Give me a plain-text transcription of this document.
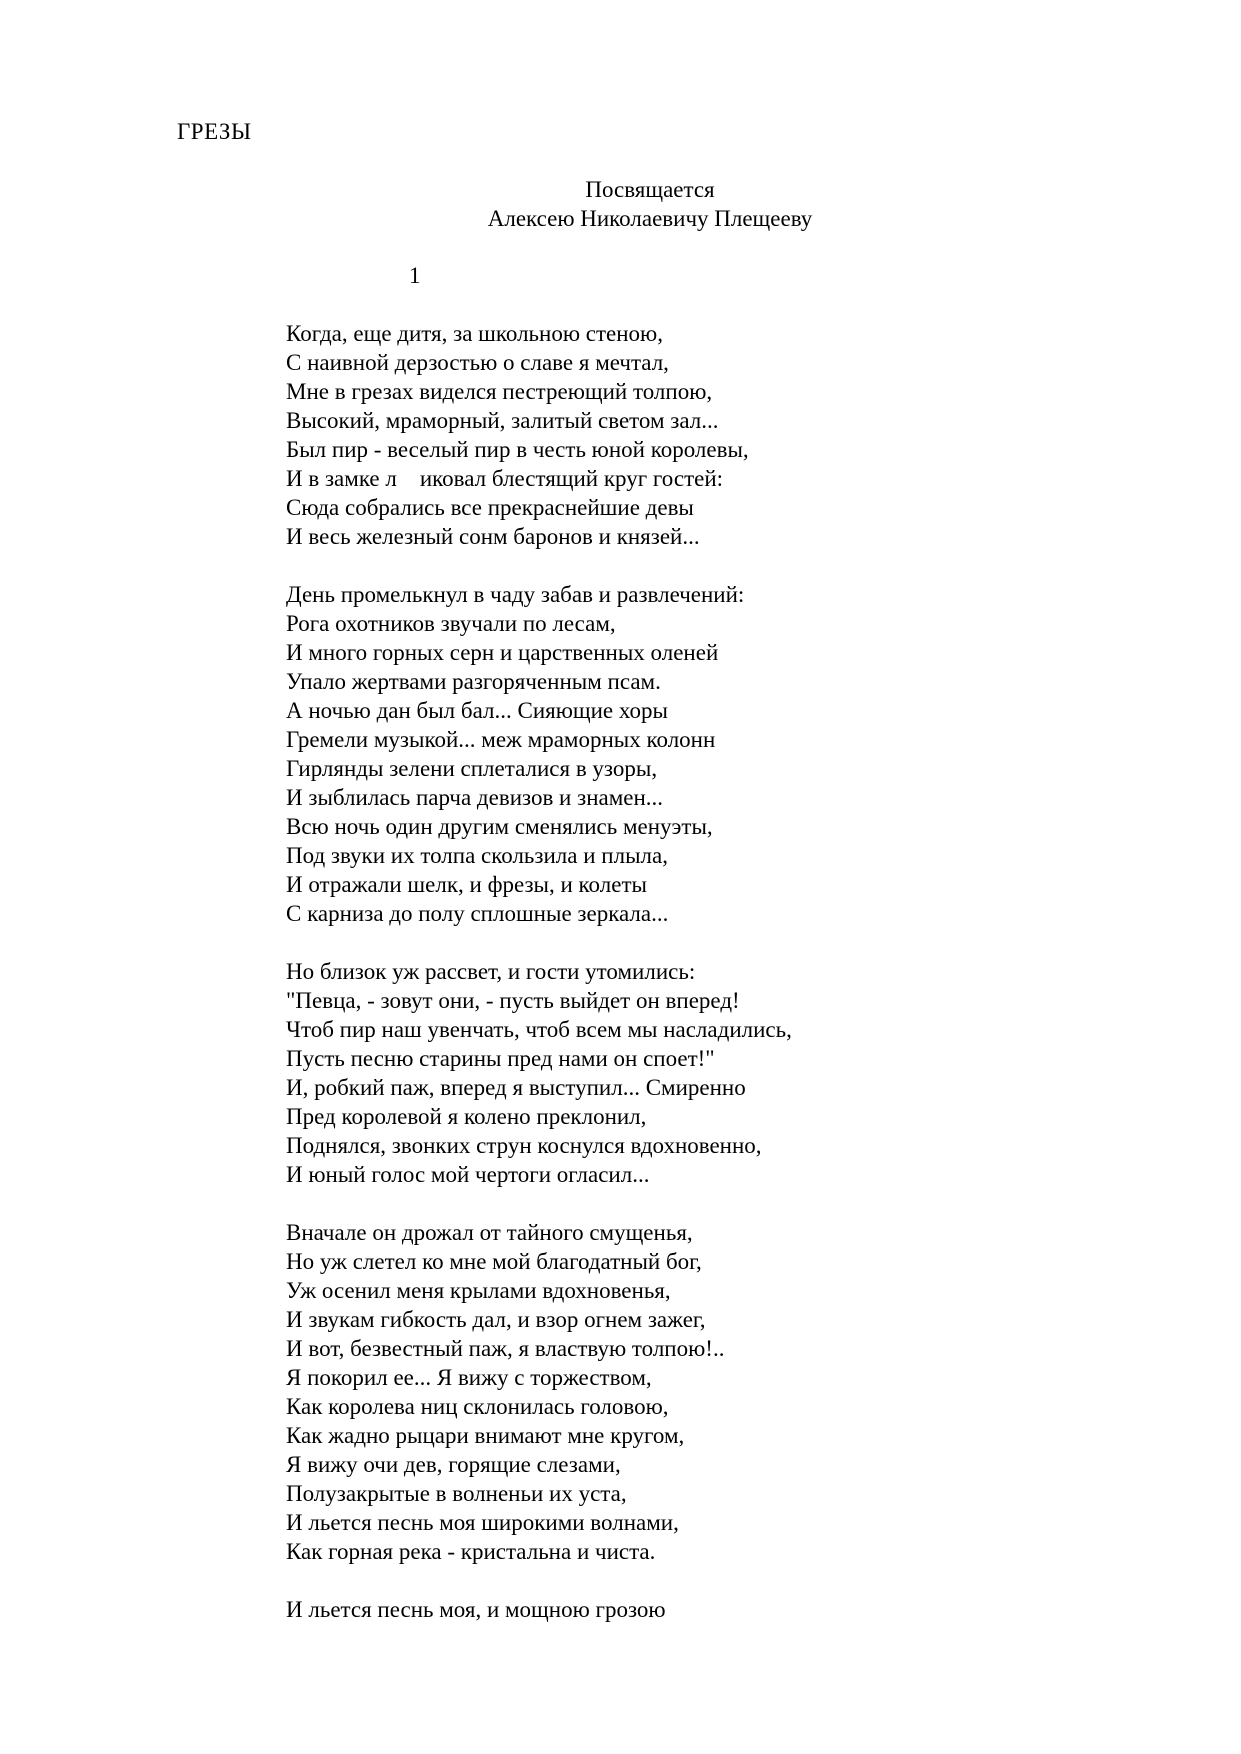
ГРЕЗЫ
Посвящается
Алексею Николаевичу Плещееву
1
Когда, еще дитя, за школьною стеною,
С наивной дерзостью о славе я мечтал,
Мне в грезах виделся пестреющий толпою,
Высокий, мраморный, залитый светом зал...
Был пир - веселый пир в честь юной королевы,
И в замке л    иковал блестящий круг гостей:
Сюда собрались все прекраснейшие девы
И весь железный сонм баронов и князей...
День промелькнул в чаду забав и развлечений:
Рога охотников звучали по лесам,
И много горных серн и царственных оленей
Упало жертвами разгоряченным псам.
А ночью дан был бал... Сияющие хоры
Гремели музыкой... меж мраморных колонн
Гирлянды зелени сплеталися в узоры,
И зыблилась парча девизов и знамен...
Всю ночь один другим сменялись менуэты,
Под звуки их толпа скользила и плыла,
И отражали шелк, и фрезы, и колеты
С карниза до полу сплошные зеркала...
Но близок уж рассвет, и гости утомились:
"Певца, - зовут они, - пусть выйдет он вперед!
Чтоб пир наш увенчать, чтоб всем мы насладились,
Пусть песню старины пред нами он споет!"
И, робкий паж, вперед я выступил... Смиренно
Пред королевой я колено преклонил,
Поднялся, звонких струн коснулся вдохновенно,
И юный голос мой чертоги огласил...
Вначале он дрожал от тайного смущенья,
Но уж слетел ко мне мой благодатный бог,
Уж осенил меня крылами вдохновенья,
И звукам гибкость дал, и взор огнем зажег,
И вот, безвестный паж, я властвую толпою!..
Я покорил ее... Я вижу с торжеством,
Как королева ниц склонилась головою,
Как жадно рыцари внимают мне кругом,
Я вижу очи дев, горящие слезами,
Полузакрытые в волненьи их уста,
И льется песнь моя широкими волнами,
Как горная река - кристальна и чиста.
И льется песнь моя, и мощною грозою
